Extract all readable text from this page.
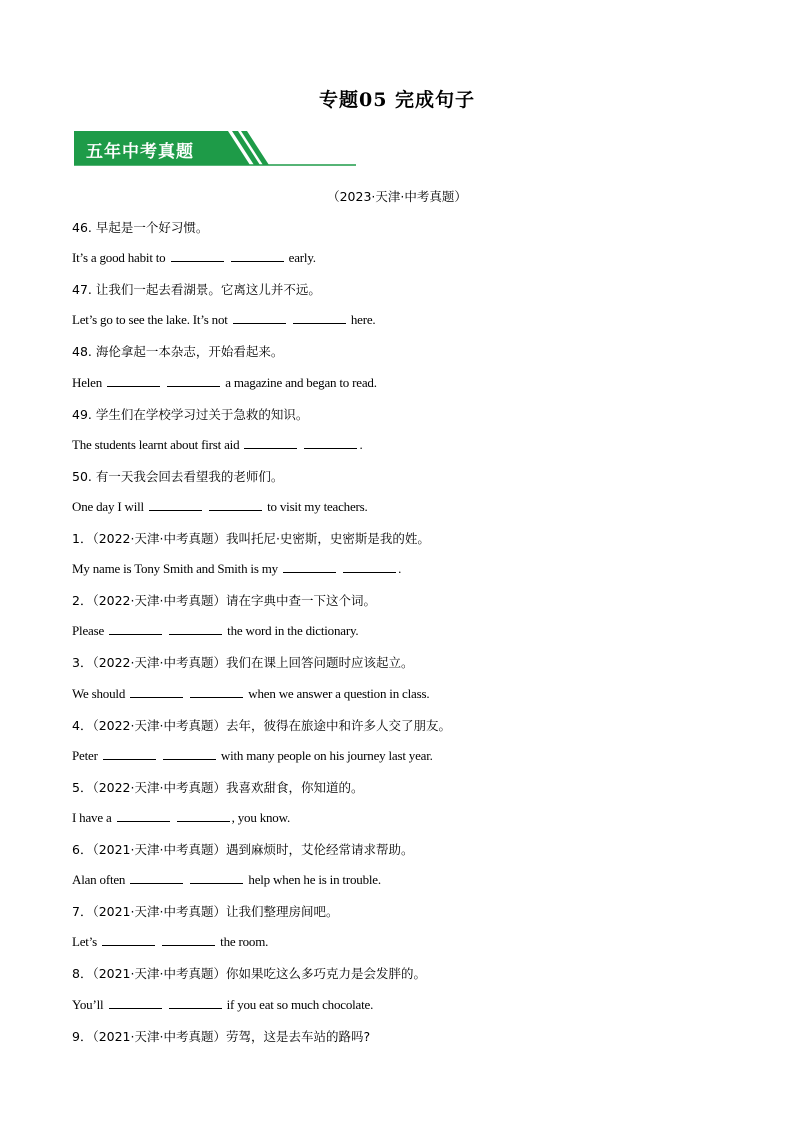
专题05 完成句子
五年中考真题
（2023·天津·中考真题）
46. 早起是一个好习惯。
It’s a good habit to	early.
47. 让我们一起去看湖景。它离这儿并不远。
Let’s go to see the lake. It’s not	here.
48. 海伦拿起一本杂志，开始看起来。
Helen	a magazine and began to read.
49. 学生们在学校学习过关于急救的知识。
The students learnt about first aid	.
50. 有一天我会回去看望我的老师们。
One day I will	to visit my teachers.
1．（2022·天津·中考真题）我叫托尼·史密斯，史密斯是我的姓。
My name is Tony Smith and Smith is my	.
2．（2022·天津·中考真题）请在字典中查一下这个词。
Please	the word in the dictionary.
3．（2022·天津·中考真题）我们在课上回答问题时应该起立。
We should	when we answer a question in class.
4．（2022·天津·中考真题）去年，彼得在旅途中和许多人交了朋友。
Peter	with many people on his journey last year.
5．（2022·天津·中考真题）我喜欢甜食，你知道的。
I have a	, you know.
6．（2021·天津·中考真题）遇到麻烦时，艾伦经常请求帮助。
Alan often	help when he is in trouble.
7．（2021·天津·中考真题）让我们整理房间吧。
Let’s	the room.
8．（2021·天津·中考真题）你如果吃这么多巧克力是会发胖的。
You’ll	if you eat so much chocolate.
9．（2021·天津·中考真题）劳驾，这是去车站的路吗?
